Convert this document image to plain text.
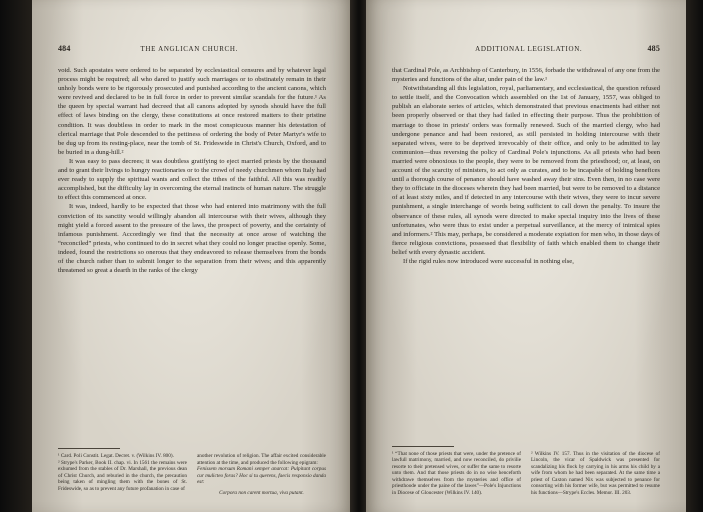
484	THE ANGLICAN CHURCH.

void. Such apostates were ordered to be separated by ecclesiastical censures and by whatever legal process might be required; all who dared to justify such marriages or to obstinately remain in their unholy bonds were to be rigorously prosecuted and punished according to the ancient canons, which were revived and declared to be in full force in order to prevent similar scandals for the future.¹ As the queen by special warrant had decreed that all canons adopted by synods should have the full effect of laws binding on the clergy, these constitutions at once restored matters to their pristine condition. It was doubtless in order to mark in the most conspicuous manner his detestation of clerical marriage that Pole descended to the pettiness of ordering the body of Peter Martyr's wife to be dug up from its resting-place, near the tomb of St. Frideswide in Christ's Church, Oxford, and to be buried in a dung-hill.²

It was easy to pass decrees; it was doubtless gratifying to eject married priests by the thousand and to grant their livings to hungry reactionaries or to the crowd of needy churchmen whom Italy had ever ready to supply the spiritual wants and collect the tithes of the faithful. All this was readily accomplished, but the difficulty lay in overcoming the eternal instincts of human nature. The struggle to effect this commenced at once.

It was, indeed, hardly to be expected that those who had entered into matrimony with the full conviction of its sanctity would willingly abandon all intercourse with their wives, although they might yield a forced assent to the pressure of the laws, the prospect of poverty, and the certainty of infamous punishment. Accordingly we find that the necessity at once arose of watching the “reconciled” priests, who continued to do in secret what they could no longer practise openly. Some, indeed, found the restrictions so onerous that they endeavored to release themselves from the bonds of the church rather than to submit longer to the separation from their wives; and this apparently threatened so great a dearth in the ranks of the clergy

¹ Card. Poli Constit. Legat. Decret. v. (Wilkins IV. 800).

² Strype's Parker, Book II. chap. vi. In 1561 the remains were exhumed from the stables of Dr. Marshall, the previous dean of Christ Church, and reburied in the church, the precaution being taken of mingling them with the bones of St. Frideswide, so as to prevent any future profanation in case of

another revolution of religion. The affair excited considerable attention at the time, and produced the following epigram:

Fenissem morsum Romani semper anarcat: Pulpitant corpus cur mulicteo foras? Hoc si tu querens, faecis responsio danda est:

Corpora non carent mortua, viva putant.

ADDITIONAL LEGISLATION.	485

that Cardinal Pole, as Archbishop of Canterbury, in 1556, forbade the withdrawal of any one from the mysteries and functions of the altar, under pain of the law.¹

Notwithstanding all this legislation, royal, parliamentary, and ecclesiastical, the question refused to settle itself, and the Convocation which assembled on the 1st of January, 1557, was obliged to publish an elaborate series of articles, which demonstrated that previous enactments had either not been properly observed or that they had failed in effecting their purpose. Thus the prohibition of marriage to those in priests' orders was formally renewed. Such of the married clergy, who had undergone penance and had been restored, as still persisted in holding intercourse with their separated wives, were to be deprived irrevocably of their office, and only to be admitted to lay communion—thus reversing the policy of Cardinal Pole's injunctions. As all priests who had been married were obnoxious to the people, they were to be removed from the priesthood; or, at least, on account of the scarcity of ministers, to act only as curates, and to be incapable of holding benefices until a thorough course of penance should have washed away their sins. Even then, in no case were they to officiate in the dioceses wherein they had been married, but were to be removed to a distance of at least sixty miles, and if detected in any intercourse with their wives, they were to incur severe punishment, a single interchange of words being sufficient to call down the penalty. To insure the observance of these rules, all synods were directed to make special inquiry into the lives of these unfortunates, who were thus to exist under a perpetual surveillance, at the mercy of inimical spies and informers.² This may, perhaps, be considered a moderate expiation for men who, in those days of fierce religious convictions, possessed that flexibility of faith which enabled them to change their belief with every dynastic accident.

If the rigid rules now introduced were successful in nothing else,

¹ “That none of those priests that were, under the pretence of lawfull matrimony, married, and now reconciled, do privilie resorte to their pretensed wives, or suffer the same to resorte unto them. And that those priests do in no wise henceforth withdrawe themselves from the mysteries and office of priesthoode under the paine of the lawes”—Pole's Injunctions in Diocese of Gloucester (Wilkins IV. 140).

² Wilkins IV. 157. Thus in the visitation of the diocese of Lincoln, the vicar of Spaldwick was presented for scandalizing his flock by carrying in his arms his child by a wife from whom he had been separated. At the same time a priest of Caxton named Nix was subjected to penance for consorting with his former wife, but was permitted to resume his functions—Strype's Eccles. Memor. III. 203.
